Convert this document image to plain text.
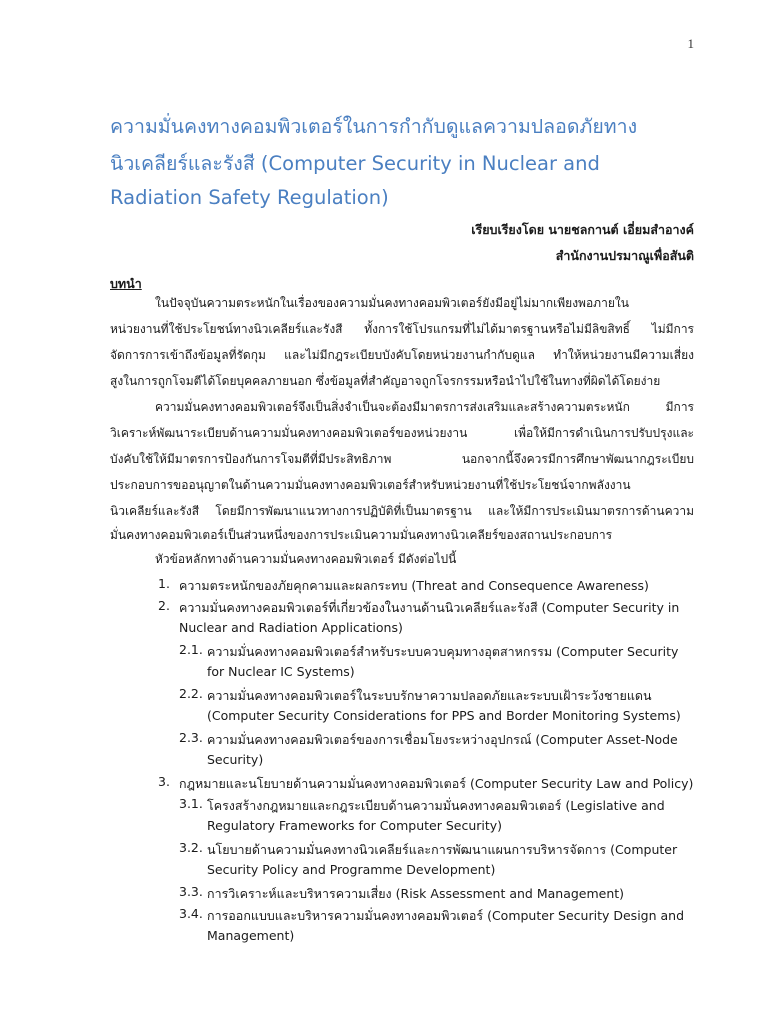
1
ความมั่นคงทางคอมพิวเตอร์ในการกำกับดูแลความปลอดภัยทาง
นิวเคลียร์และรังสี (Computer Security in Nuclear and
Radiation Safety Regulation)
เรียบเรียงโดย นายชลกานต์ เอี่ยมสำอางค์
สำนักงานปรมาณูเพื่อสันติ
บทนำ
ในปัจจุบันความตระหนักในเรื่องของความมั่นคงทางคอมพิวเตอร์ยังมีอยู่ไม่มากเพียงพอภายใน
หน่วยงานที่ใช้ประโยชน์ทางนิวเคลียร์และรังสี ทั้งการใช้โปรแกรมที่ไม่ได้มาตรฐานหรือไม่มีลิขสิทธิ์ ไม่มีการ
จัดการการเข้าถึงข้อมูลที่รัดกุม และไม่มีกฎระเบียบบังคับโดยหน่วยงานกำกับดูแล ทำให้หน่วยงานมีความเสี่ยง
สูงในการถูกโจมตีได้โดยบุคคลภายนอก ซึ่งข้อมูลที่สำคัญอาจถูกโจรกรรมหรือนำไปใช้ในทางที่ผิดได้โดยง่าย
ความมั่นคงทางคอมพิวเตอร์จึงเป็นสิ่งจำเป็นจะต้องมีมาตรการส่งเสริมและสร้างความตระหนัก มีการ
วิเคราะห์พัฒนาระเบียบด้านความมั่นคงทางคอมพิวเตอร์ของหน่วยงาน เพื่อให้มีการดำเนินการปรับปรุงและ
บังคับใช้ให้มีมาตรการป้องกันการโจมตีที่มีประสิทธิภาพ นอกจากนี้จึงควรมีการศึกษาพัฒนากฎระเบียบ
ประกอบการขออนุญาตในด้านความมั่นคงทางคอมพิวเตอร์สำหรับหน่วยงานที่ใช้ประโยชน์จากพลังงาน
นิวเคลียร์และรังสี โดยมีการพัฒนาแนวทางการปฏิบัติที่เป็นมาตรฐาน และให้มีการประเมินมาตรการด้านความ
มั่นคงทางคอมพิวเตอร์เป็นส่วนหนึ่งของการประเมินความมั่นคงทางนิวเคลียร์ของสถานประกอบการ
หัวข้อหลักทางด้านความมั่นคงทางคอมพิวเตอร์ มีดังต่อไปนี้
1. ความตระหนักของภัยคุกคามและผลกระทบ (Threat and Consequence Awareness)
2. ความมั่นคงทางคอมพิวเตอร์ที่เกี่ยวข้องในงานด้านนิวเคลียร์และรังสี (Computer Security in
Nuclear and Radiation Applications)
2.1. ความมั่นคงทางคอมพิวเตอร์สำหรับระบบควบคุมทางอุตสาหกรรม (Computer Security
for Nuclear IC Systems)
2.2. ความมั่นคงทางคอมพิวเตอร์ในระบบรักษาความปลอดภัยและระบบเฝ้าระวังชายแดน
(Computer Security Considerations for PPS and Border Monitoring Systems)
2.3. ความมั่นคงทางคอมพิวเตอร์ของการเชื่อมโยงระหว่างอุปกรณ์ (Computer Asset-Node
Security)
3. กฎหมายและนโยบายด้านความมั่นคงทางคอมพิวเตอร์ (Computer Security Law and Policy)
3.1. โครงสร้างกฎหมายและกฎระเบียบด้านความมั่นคงทางคอมพิวเตอร์ (Legislative and
Regulatory Frameworks for Computer Security)
3.2. นโยบายด้านความมั่นคงทางนิวเคลียร์และการพัฒนาแผนการบริหารจัดการ (Computer
Security Policy and Programme Development)
3.3. การวิเคราะห์และบริหารความเสี่ยง (Risk Assessment and Management)
3.4. การออกแบบและบริหารความมั่นคงทางคอมพิวเตอร์ (Computer Security Design and
Management)
